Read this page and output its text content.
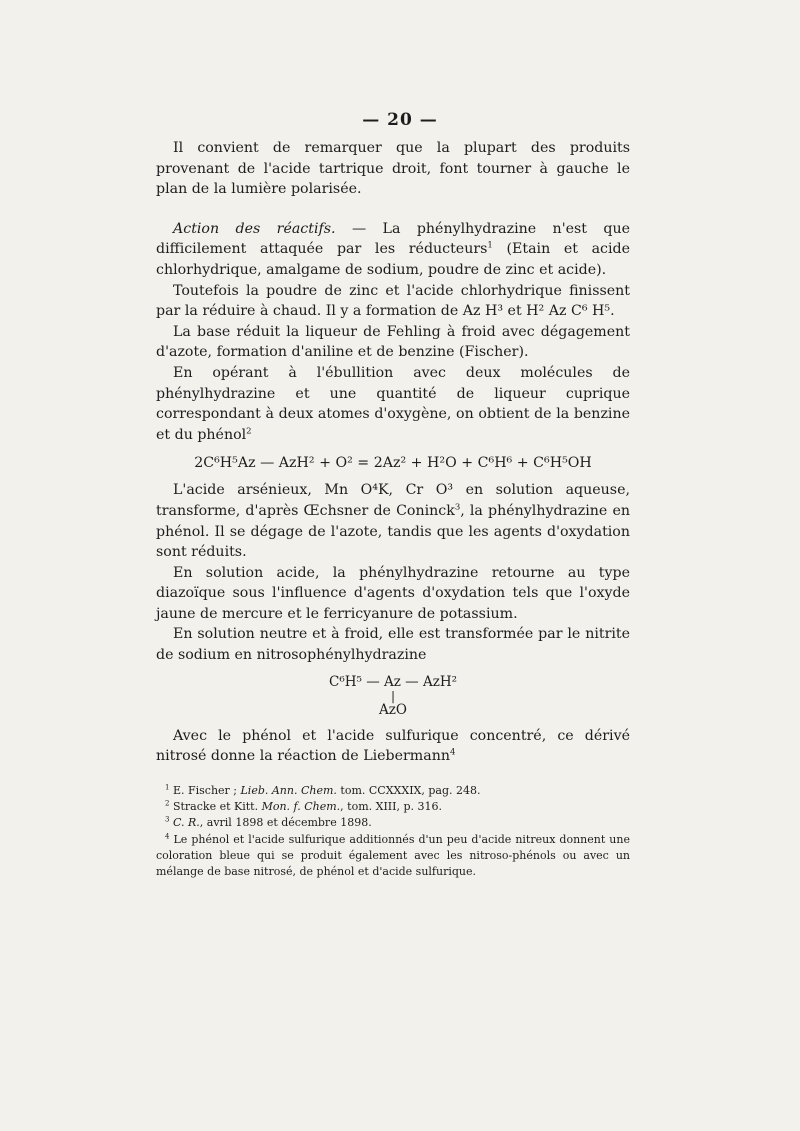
— 20 —

Il convient de remarquer que la plupart des produits provenant de l'acide tartrique droit, font tourner à gauche le plan de la lumière polarisée.

Action des réactifs. — La phénylhydrazine n'est que difficilement attaquée par les réducteurs$^1$ (Etain et acide chlorhydrique, amalgame de sodium, poudre de zinc et acide).

Toutefois la poudre de zinc et l'acide chlorhydrique finissent par la réduire à chaud. Il y a formation de Az H³ et H² Az C⁶ H⁵.

La base réduit la liqueur de Fehling à froid avec dégagement d'azote, formation d'aniline et de benzine (Fischer).

En opérant à l'ébullition avec deux molécules de phénylhydrazine et une quantité de liqueur cuprique correspondant à deux atomes d'oxygène, on obtient de la benzine et du phénol$^2$

2C⁶H⁵Az — AzH² + O² = 2Az² + H²O + C⁶H⁶ + C⁶H⁵OH

L'acide arsénieux, Mn O⁴K, Cr O³ en solution aqueuse, transforme, d'après Œchsner de Coninck$^3$, la phénylhydrazine en phénol. Il se dégage de l'azote, tandis que les agents d'oxydation sont réduits.

En solution acide, la phénylhydrazine retourne au type diazoïque sous l'influence d'agents d'oxydation tels que l'oxyde jaune de mercure et le ferricyanure de potassium.

En solution neutre et à froid, elle est transformée par le nitrite de sodium en nitrosophénylhydrazine

C⁶H⁵ — Az — AzH²
|
AzO

Avec le phénol et l'acide sulfurique concentré, ce dérivé nitrosé donne la réaction de Liebermann$^4$

$^1$ E. Fischer ; Lieb. Ann. Chem. tom. CCXXXIX, pag. 248.
$^2$ Stracke et Kitt. Mon. f. Chem., tom. XIII, p. 316.
$^3$ C. R., avril 1898 et décembre 1898.
$^4$ Le phénol et l'acide sulfurique additionnés d'un peu d'acide nitreux donnent une coloration bleue qui se produit également avec les nitroso-phénols ou avec un mélange de base nitrosé, de phénol et d'acide sulfurique.
